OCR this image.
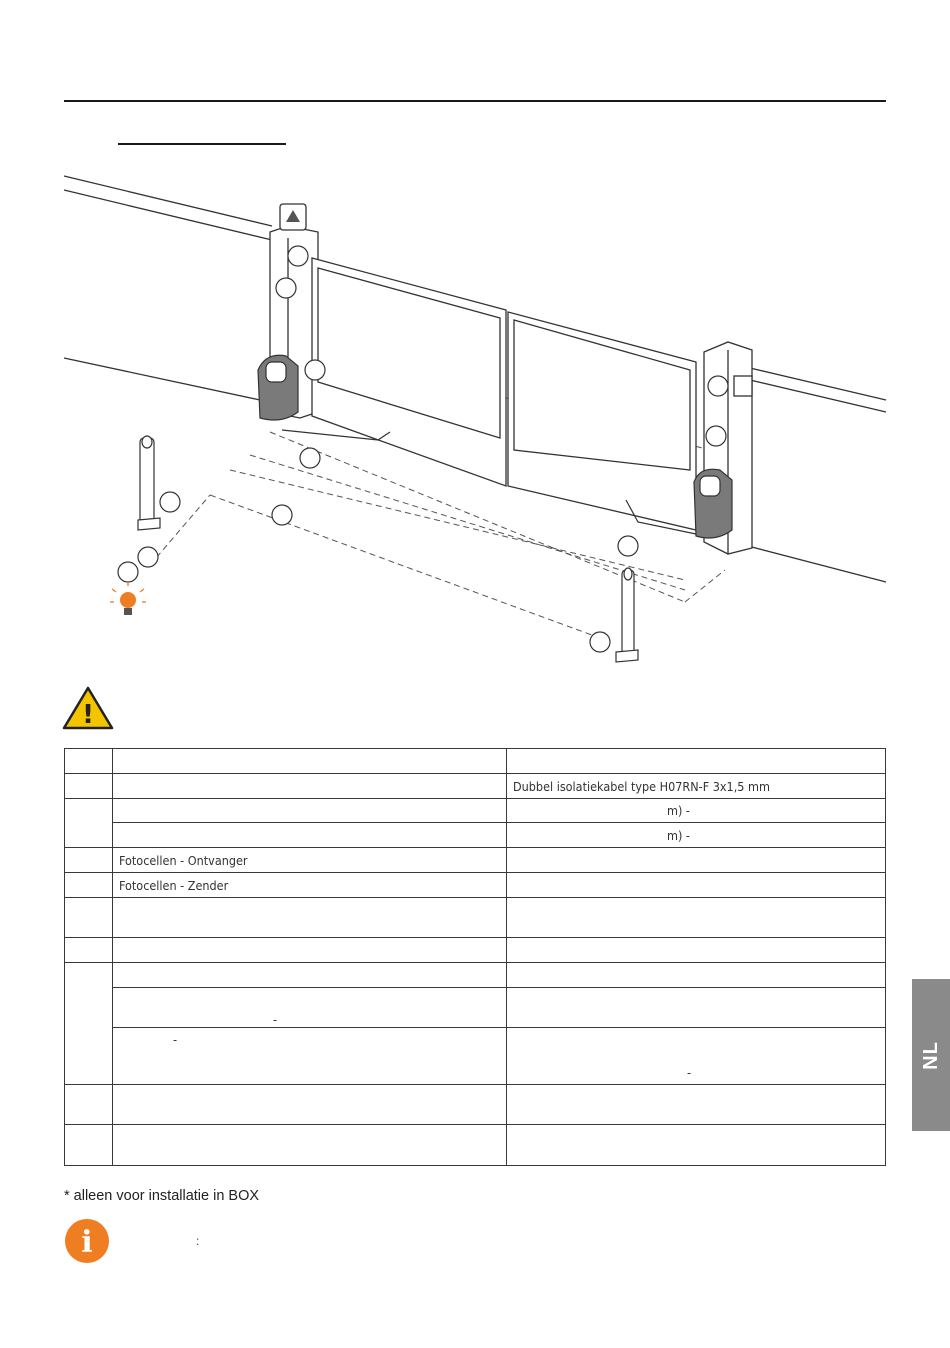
!

		Dubbel isolatiekabel type H07RN-F 3x1,5 mm
		m) -
		m) -
	Fotocellen - Ontvanger	
	Fotocellen - Zender	

	-	
	-	-

* alleen voor installatie in BOX
i	:
NL
